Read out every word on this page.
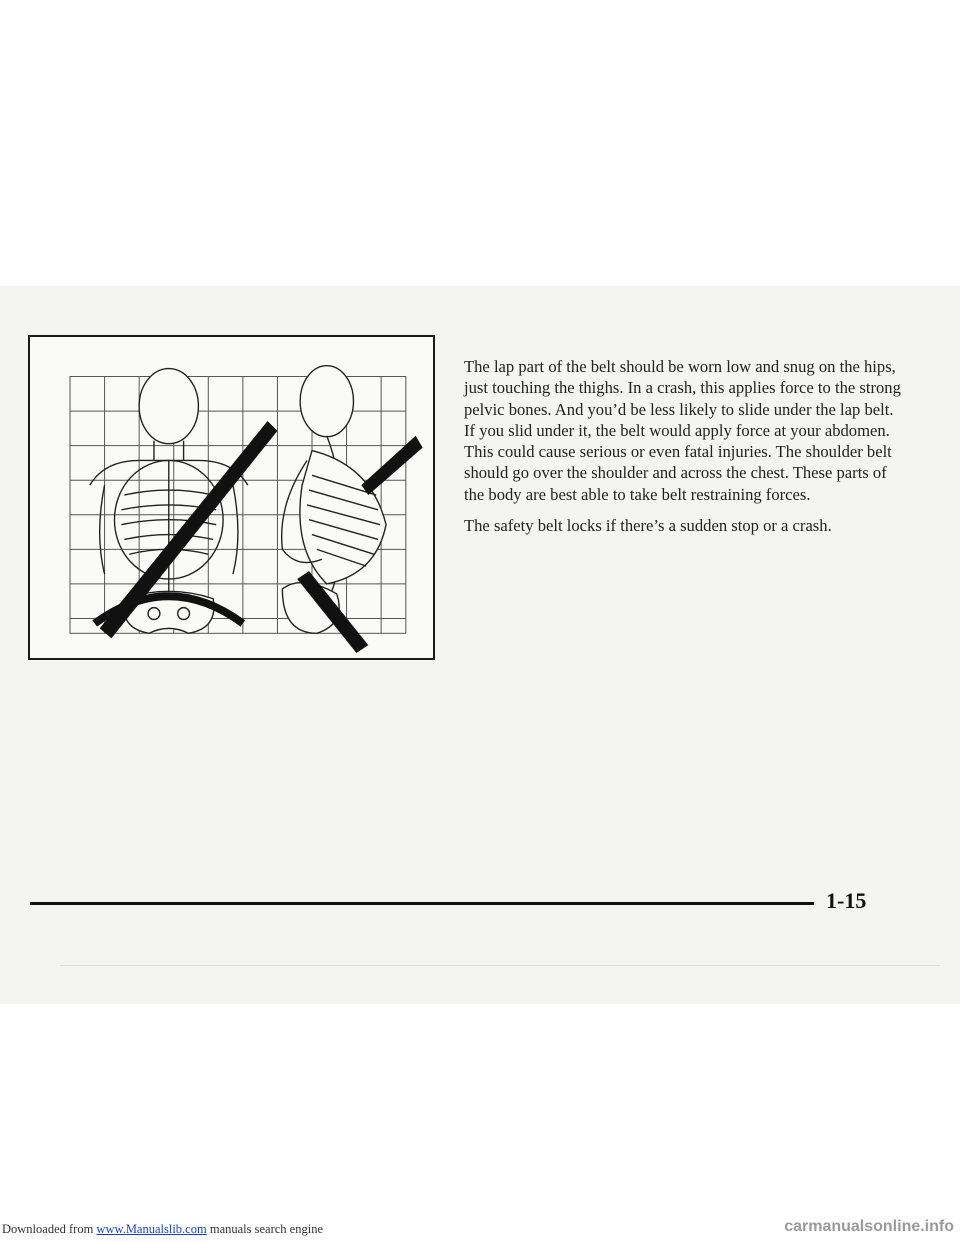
The lap part of the belt should be worn low and snug on the hips, just touching the thighs. In a crash, this applies force to the strong pelvic bones. And you’d be less likely to slide under the lap belt. If you slid under it, the belt would apply force at your abdomen. This could cause serious or even fatal injuries. The shoulder belt should go over the shoulder and across the chest. These parts of the body are best able to take belt restraining forces.

The safety belt locks if there’s a sudden stop or a crash.

1-15
Downloaded from www.Manualslib.com manuals search engine	carmanualsonline.info
